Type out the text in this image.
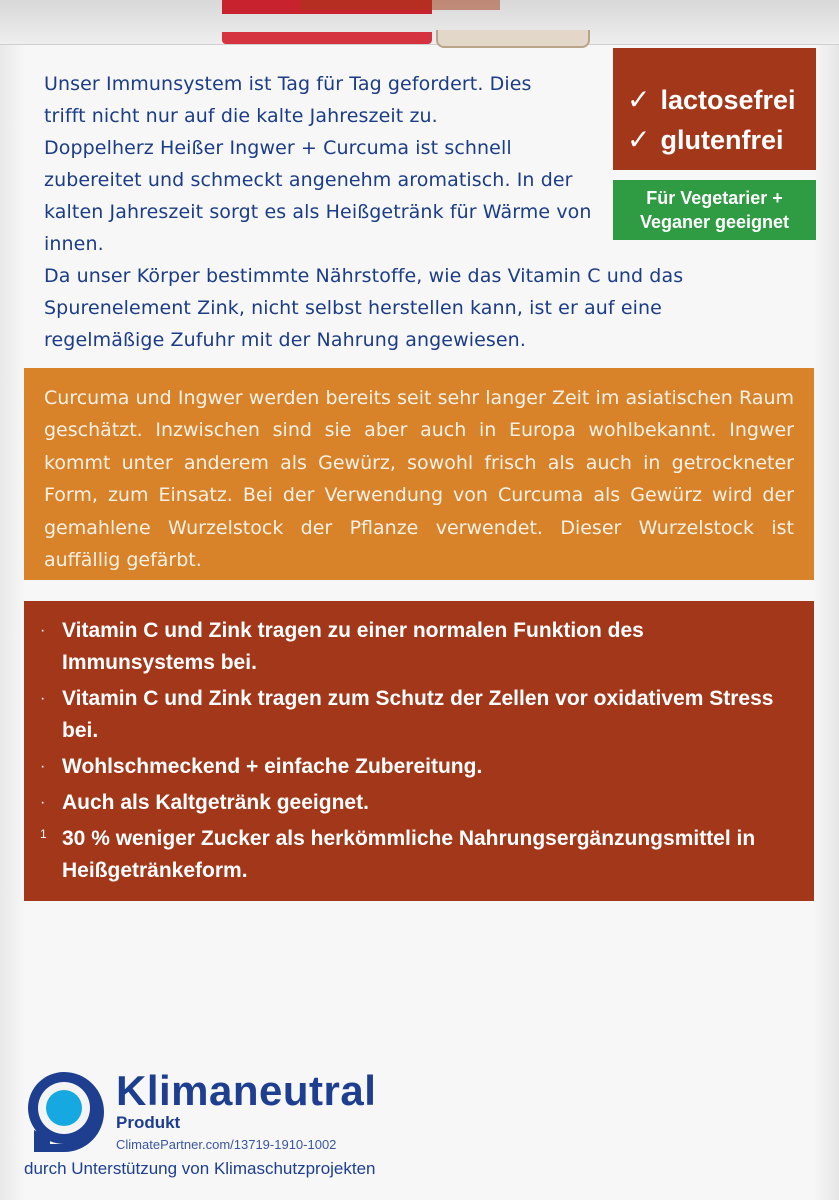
Unser Immunsystem ist Tag für Tag gefordert. Dies trifft nicht nur auf die kalte Jahreszeit zu.

Doppelherz Heißer Ingwer + Curcuma ist schnell zubereitet und schmeckt angenehm aromatisch. In der kalten Jahreszeit sorgt es als Heißgetränk für Wärme von innen.

Da unser Körper bestimmte Nährstoffe, wie das Vitamin C und das Spurenelement Zink, nicht selbst herstellen kann, ist er auf eine regelmäßige Zufuhr mit der Nahrung angewiesen.

✓ lactosefrei
✓ glutenfrei
Für Vegetarier +
Veganer geeignet

Curcuma und Ingwer werden bereits seit sehr langer Zeit im asiatischen Raum geschätzt. Inzwischen sind sie aber auch in Europa wohlbekannt. Ingwer kommt unter anderem als Gewürz, sowohl frisch als auch in getrockneter Form, zum Einsatz. Bei der Verwendung von Curcuma als Gewürz wird der gemahlene Wurzelstock der Pflanze verwendet. Dieser Wurzelstock ist auffällig gefärbt.

· Vitamin C und Zink tragen zu einer normalen Funktion des Immunsystems bei.
· Vitamin C und Zink tragen zum Schutz der Zellen vor oxidativem Stress bei.
· Wohlschmeckend + einfache Zubereitung.
· Auch als Kaltgetränk geeignet.
1 30 % weniger Zucker als herkömmliche Nahrungsergänzungsmittel in Heißgetränkeform.
Klimaneutral
Produkt
ClimatePartner.com/13719-1910-1002
durch Unterstützung von Klimaschutzprojekten
